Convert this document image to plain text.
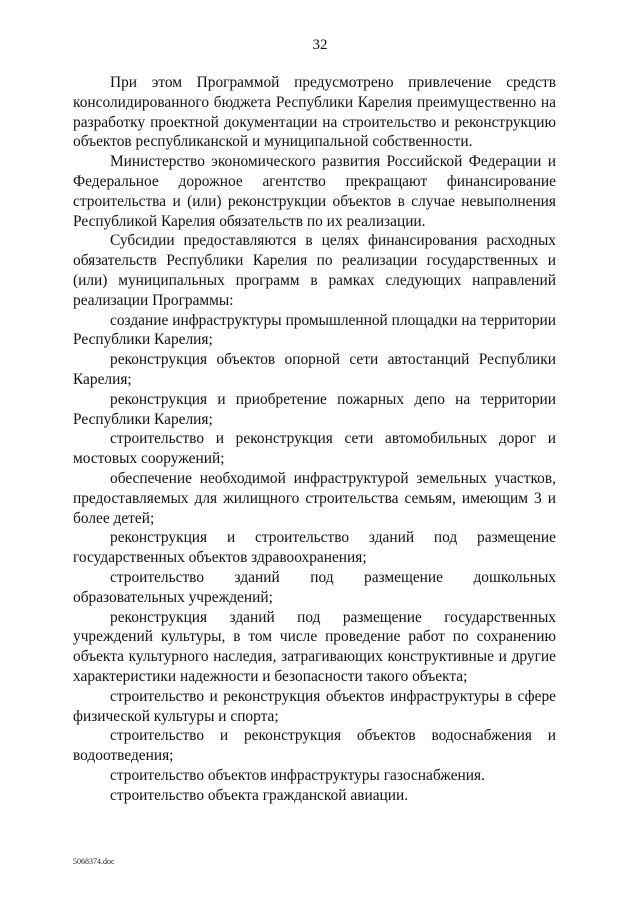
32

При этом Программой предусмотрено привлечение средств консолидированного бюджета Республики Карелия преимущественно на разработку проектной документации на строительство и реконструкцию объектов республиканской и муниципальной собственности.

Министерство экономического развития Российской Федерации и Федеральное дорожное агентство прекращают финансирование строительства и (или) реконструкции объектов в случае невыполнения Республикой Карелия обязательств по их реализации.

Субсидии предоставляются в целях финансирования расходных обязательств Республики Карелия по реализации государственных и (или) муниципальных программ в рамках следующих направлений реализации Программы:

создание инфраструктуры промышленной площадки на территории Республики Карелия;

реконструкция объектов опорной сети автостанций Республики Карелия;

реконструкция и приобретение пожарных депо на территории Республики Карелия;

строительство и реконструкция сети автомобильных дорог и мостовых сооружений;

обеспечение необходимой инфраструктурой земельных участков, предоставляемых для жилищного строительства семьям, имеющим 3 и более детей;

реконструкция и строительство зданий под размещение государственных объектов здравоохранения;

строительство зданий под размещение дошкольных образовательных учреждений;

реконструкция зданий под размещение государственных учреждений культуры, в том числе проведение работ по сохранению объекта культурного наследия, затрагивающих конструктивные и другие характеристики надежности и безопасности такого объекта;

строительство и реконструкция объектов инфраструктуры в сфере физической культуры и спорта;

строительство и реконструкция объектов водоснабжения и водоотведения;

строительство объектов инфраструктуры газоснабжения.

строительство объекта гражданской авиации.

5068374.doc
